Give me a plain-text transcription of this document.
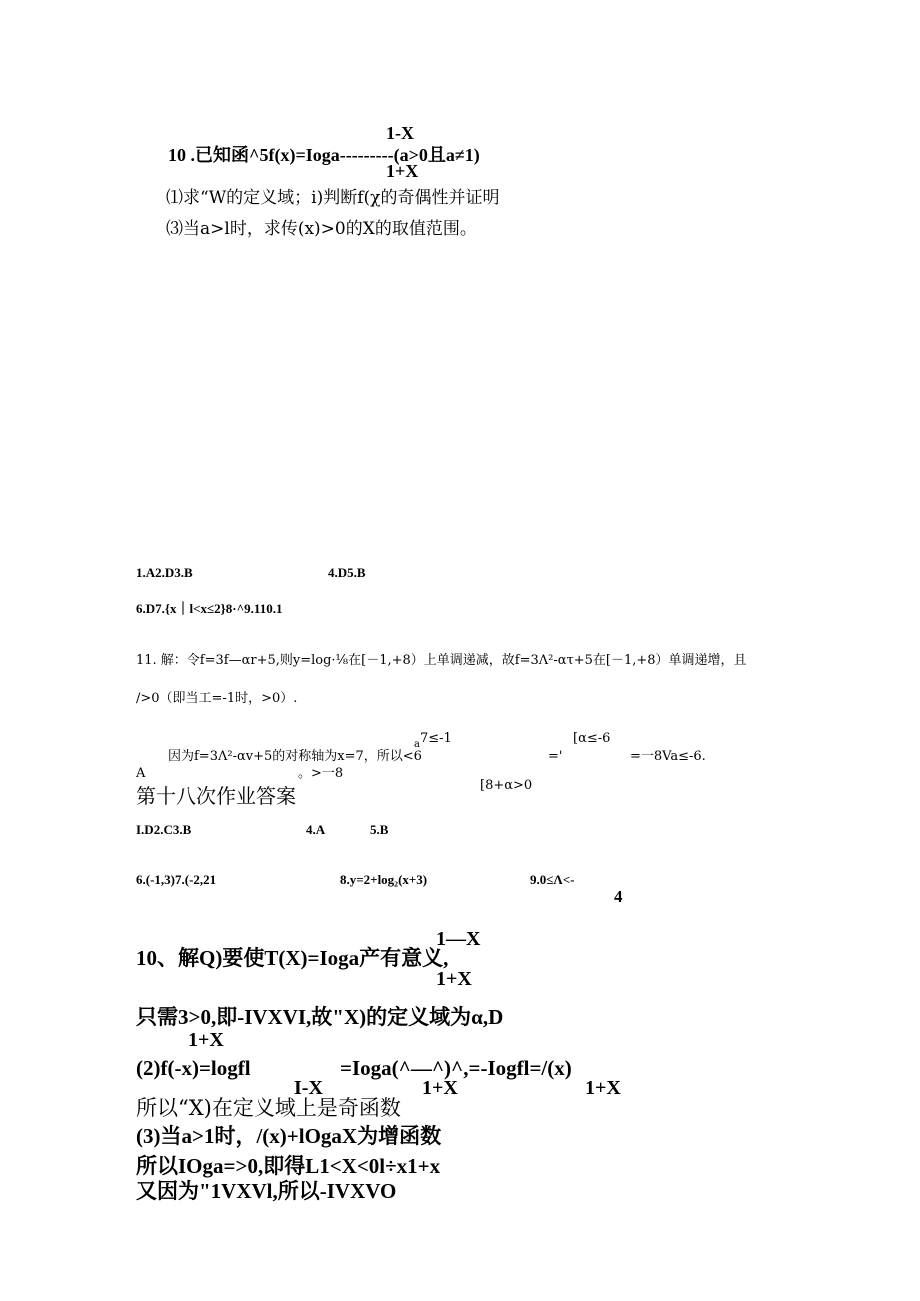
1-X
10 .已知函^5f(x)=Ioga---------(a>0且a≠1)
1+X
⑴求“W的定义域；i)判断f(χ的奇偶性并证明
⑶当a>l时，求传(x)>0的X的取值范围。
1.A2.D3.B	4.D5.B
6.D7.{x｜l<x≤2}8·^9.110.1
11. 解：令f=3f—αr+5,则y=log·⅛在[－1,+8）上单调递减，故f=3Λ²-ατ+5在[－1,+8）单调递增，且
/>0（即当工=-1时，>0）.
a 7≤-1	[α≤-6
因为f=3Λ²-αv+5的对称轴为x=7，所以<6	='	=一8Va≤-6.
A	。>一8
[8+α>0
第十八次作业答案
I.D2.C3.B	4.A	5.B
6.(-1,3)7.(-2,21	8.y=2+log₂(x+3)	9.0≤Λ<-
4
1—X
10、解Q)要使T(X)=Ioga产有意义,
1+X
只需3>0,即-IVXVI,故"X)的定义域为α,D
1+X
(2)f(-x)=logfl	=Ioga(^—^)^,=-Iogfl=/(x)
I-X	1+X	1+X
所以“X)在定义域上是奇函数
(3)当a>1时，/(x)+lOgaX为增函数
所以IOga=>0,即得L1<X<0l÷x1+x
又因为"1VXVl,所以-IVXVO
